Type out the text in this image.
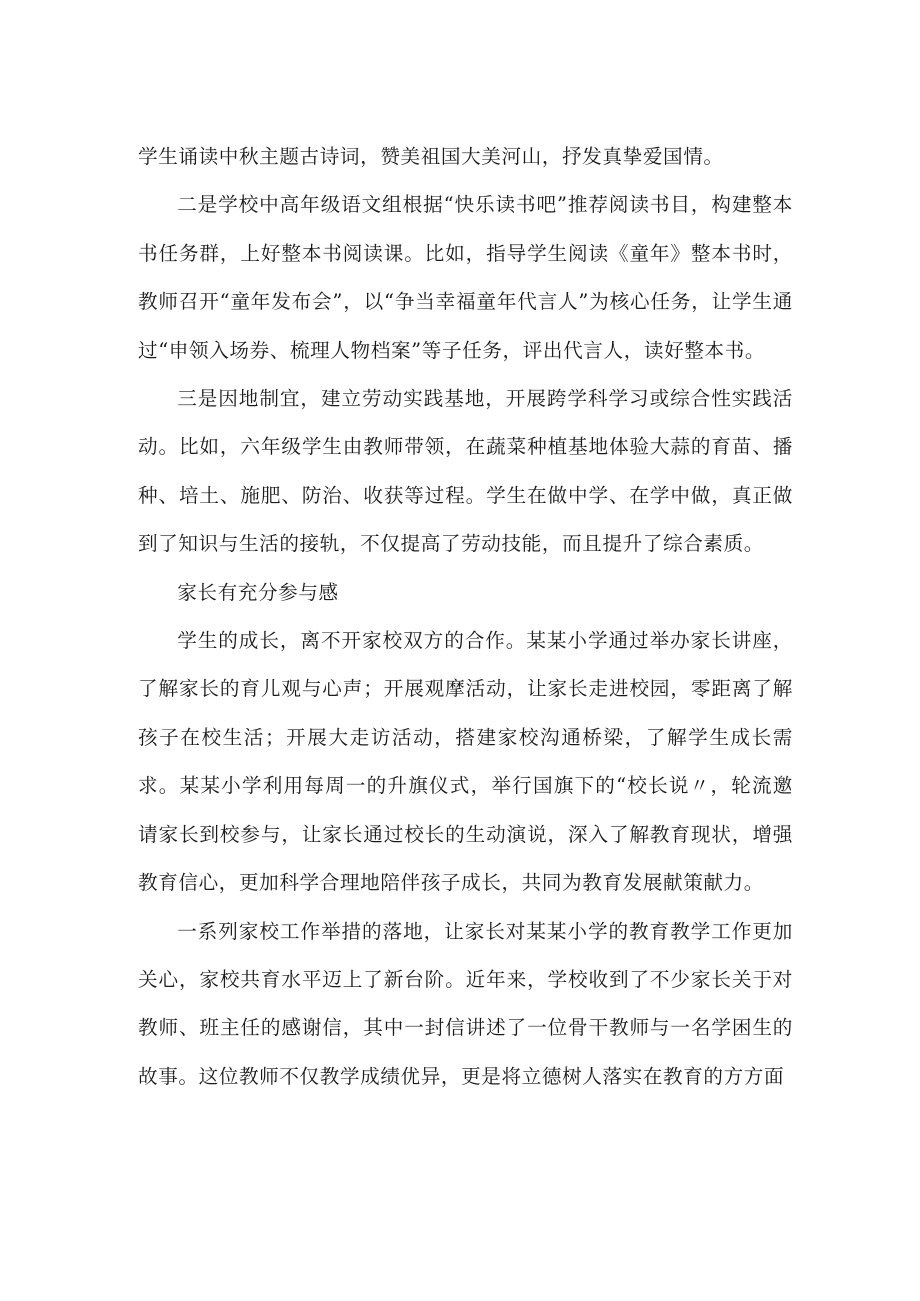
学生诵读中秋主题古诗词，赞美祖国大美河山，抒发真挚爱国情。

二是学校中高年级语文组根据“快乐读书吧”推荐阅读书目，构建整本书任务群，上好整本书阅读课。比如，指导学生阅读《童年》整本书时，教师召开“童年发布会”，以“争当幸福童年代言人”为核心任务，让学生通过“申领入场券、梳理人物档案”等子任务，评出代言人，读好整本书。

三是因地制宜，建立劳动实践基地，开展跨学科学习或综合性实践活动。比如，六年级学生由教师带领，在蔬菜种植基地体验大蒜的育苗、播种、培土、施肥、防治、收获等过程。学生在做中学、在学中做，真正做到了知识与生活的接轨，不仅提高了劳动技能，而且提升了综合素质。

家长有充分参与感

学生的成长，离不开家校双方的合作。某某小学通过举办家长讲座，了解家长的育儿观与心声；开展观摩活动，让家长走进校园，零距离了解孩子在校生活；开展大走访活动，搭建家校沟通桥梁，了解学生成长需求。某某小学利用每周一的升旗仪式，举行国旗下的“校长说〃，轮流邀请家长到校参与，让家长通过校长的生动演说，深入了解教育现状，增强教育信心，更加科学合理地陪伴孩子成长，共同为教育发展献策献力。

一系列家校工作举措的落地，让家长对某某小学的教育教学工作更加关心，家校共育水平迈上了新台阶。近年来，学校收到了不少家长关于对教师、班主任的感谢信，其中一封信讲述了一位骨干教师与一名学困生的故事。这位教师不仅教学成绩优异，更是将立德树人落实在教育的方方面
